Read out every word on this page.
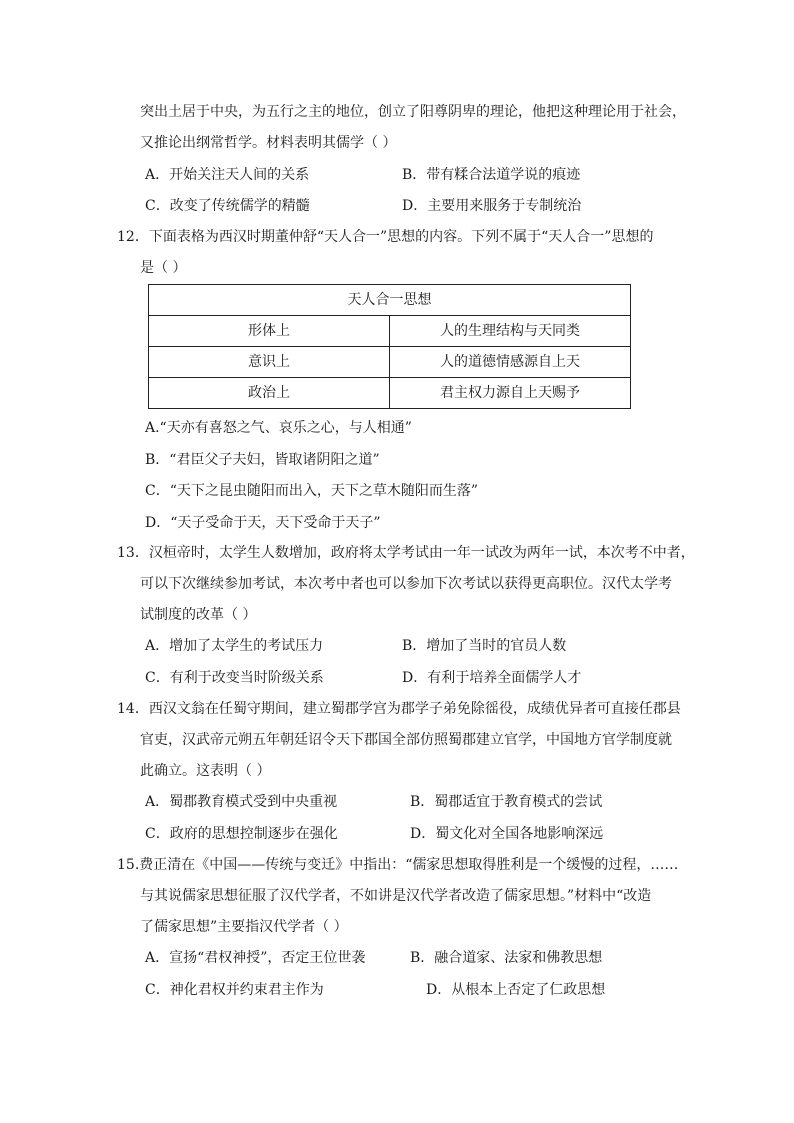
突出土居于中央，为五行之主的地位，创立了阳尊阴卑的理论，他把这种理论用于社会，
又推论出纲常哲学。材料表明其儒学（ ）
A．开始关注天人间的关系	B．带有糅合法道学说的痕迹
C．改变了传统儒学的精髓	D．主要用来服务于专制统治
12．下面表格为西汉时期董仲舒“天人合一”思想的内容。下列不属于“天人合一”思想的
是（ ）
天人合一思想	
形体上	人的生理结构与天同类
意识上	人的道德情感源自上天
政治上	君主权力源自上天赐予
A.“天亦有喜怒之气、哀乐之心，与人相通”
B．“君臣父子夫妇，皆取诸阴阳之道”
C．“天下之昆虫随阳而出入，天下之草木随阳而生落”
D．“天子受命于天，天下受命于天子”
13．汉桓帝时，太学生人数增加，政府将太学考试由一年一试改为两年一试，本次考不中者，
可以下次继续参加考试，本次考中者也可以参加下次考试以获得更高职位。汉代太学考
试制度的改革（ ）
A．增加了太学生的考试压力	B．增加了当时的官员人数
C．有利于改变当时阶级关系	D．有利于培养全面儒学人才
14．西汉文翁在任蜀守期间，建立蜀郡学宫为郡学子弟免除徭役，成绩优异者可直接任郡县
官吏，汉武帝元朔五年朝廷诏令天下郡国全部仿照蜀郡建立官学，中国地方官学制度就
此确立。这表明（ ）
A．蜀郡教育模式受到中央重视	B．蜀郡适宜于教育模式的尝试
C．政府的思想控制逐步在强化	D．蜀文化对全国各地影响深远
15.费正清在《中国——传统与变迁》中指出：“儒家思想取得胜利是一个缓慢的过程，……
与其说儒家思想征服了汉代学者，不如讲是汉代学者改造了儒家思想。”材料中“改造
了儒家思想”主要指汉代学者（ ）
A．宣扬“君权神授”，否定王位世袭	B．融合道家、法家和佛教思想
C．神化君权并约束君主作为	D．从根本上否定了仁政思想
